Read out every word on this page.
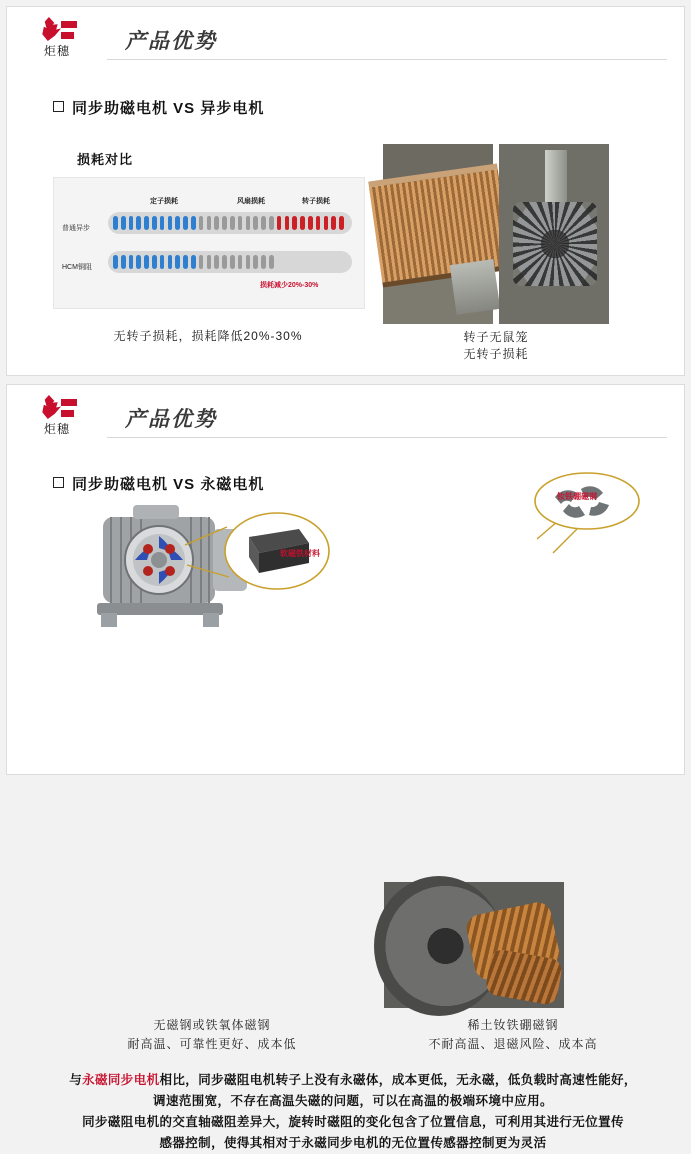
炬穗	产品优势
同步助磁电机 VS 异步电机
损耗对比
定子损耗	风扇损耗	转子损耗
普通异步
HCM铜阻
损耗减少20%-30%
无转子损耗，损耗降低20%-30%	转子无鼠笼
无转子损耗
炬穗	产品优势
同步助磁电机 VS 永磁电机
软磁铁材料
钕铁硼磁钢
无磁钢或铁氧体磁钢
耐高温、可靠性更好、成本低
稀土钕铁硼磁钢
不耐高温、退磁风险、成本高
与永磁同步电机相比，同步磁阻电机转子上没有永磁体，成本更低，无永磁，低负载时高速性能好，
调速范围宽，不存在高温失磁的问题，可以在高温的极端环境中应用。
同步磁阻电机的交直轴磁阻差异大，旋转时磁阻的变化包含了位置信息，可利用其进行无位置传
感器控制，使得其相对于永磁同步电机的无位置传感器控制更为灵活
